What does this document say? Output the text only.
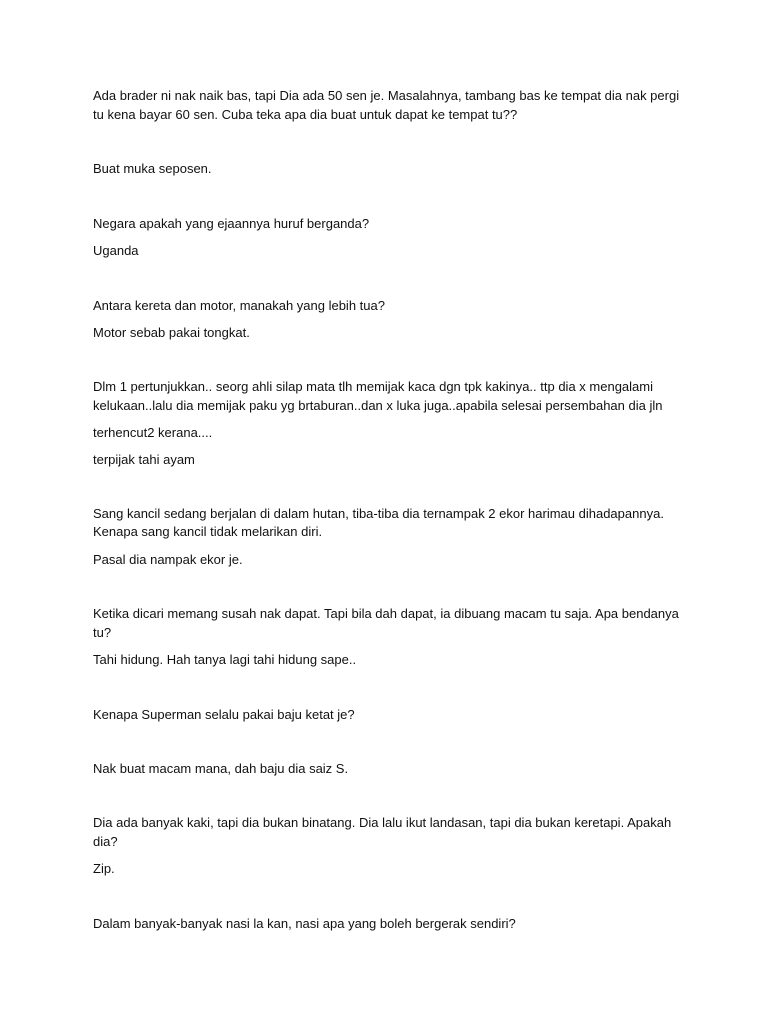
Ada brader ni nak naik bas, tapi Dia ada 50 sen je. Masalahnya, tambang bas ke tempat dia nak pergi
tu kena bayar 60 sen. Cuba teka apa dia buat untuk dapat ke tempat tu??
Buat muka seposen.
Negara apakah yang ejaannya huruf berganda?
Uganda
Antara kereta dan motor, manakah yang lebih tua?
Motor sebab pakai tongkat.
Dlm 1 pertunjukkan.. seorg ahli silap mata tlh memijak kaca dgn tpk kakinya.. ttp dia x mengalami
kelukaan..lalu dia memijak paku yg brtaburan..dan x luka juga..apabila selesai persembahan dia jln
terhencut2 kerana....
terpijak tahi ayam
Sang kancil sedang berjalan di dalam hutan, tiba-tiba dia ternampak 2 ekor harimau dihadapannya.
Kenapa sang kancil tidak melarikan diri.
Pasal dia nampak ekor je.
Ketika dicari memang susah nak dapat. Tapi bila dah dapat, ia dibuang macam tu saja. Apa bendanya
tu?
Tahi hidung. Hah tanya lagi tahi hidung sape..
Kenapa Superman selalu pakai baju ketat je?
Nak buat macam mana, dah baju dia saiz S.
Dia ada banyak kaki, tapi dia bukan binatang. Dia lalu ikut landasan, tapi dia bukan keretapi. Apakah
dia?
Zip.
Dalam banyak-banyak nasi la kan, nasi apa yang boleh bergerak sendiri?
